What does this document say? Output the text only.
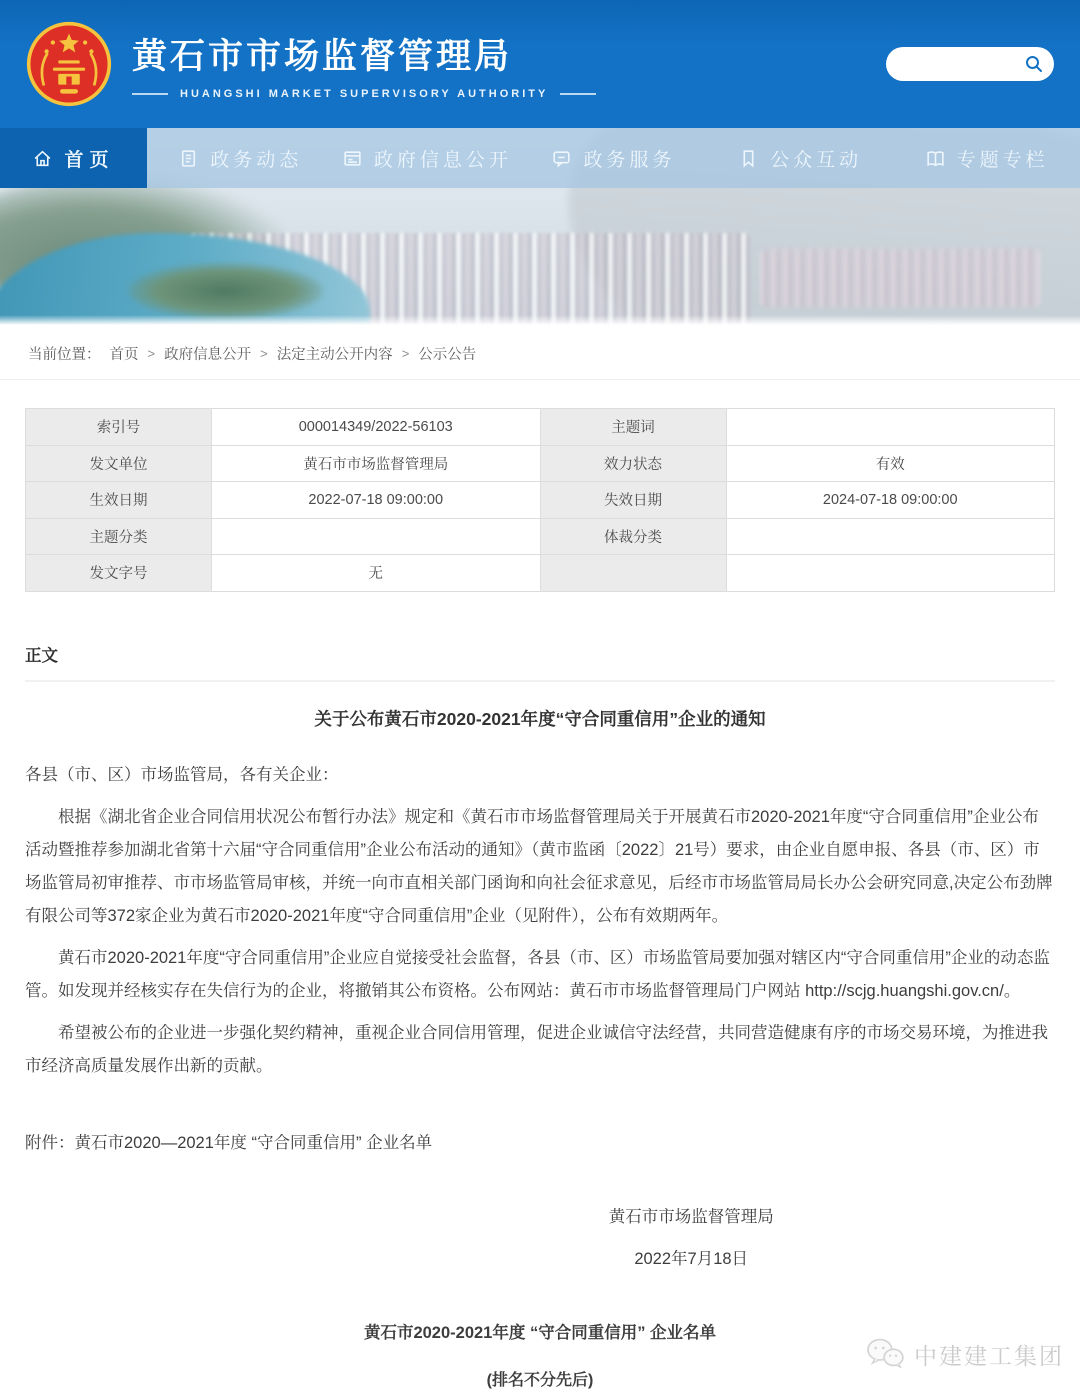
黄石市市场监督管理局
HUANGSHI MARKET SUPERVISORY AUTHORITY
首页	政务动态	政府信息公开	政务服务	公众互动	专题专栏
当前位置： 首页 > 政府信息公开 > 法定主动公开内容 > 公示公告
索引号	000014349/2022-56103	主题词	
发文单位	黄石市市场监督管理局	效力状态	有效
生效日期	2022-07-18 09:00:00	失效日期	2024-07-18 09:00:00
主题分类		体裁分类	
发文字号	无		
正文
关于公布黄石市2020-2021年度“守合同重信用”企业的通知

各县（市、区）市场监管局，各有关企业：

根据《湖北省企业合同信用状况公布暂行办法》规定和《黄石市市场监督管理局关于开展黄石市2020-2021年度“守合同重信用”企业公布活动暨推荐参加湖北省第十六届“守合同重信用”企业公布活动的通知》（黄市监函〔2022〕21号）要求，由企业自愿申报、各县（市、区）市场监管局初审推荐、市市场监管局审核，并统一向市直相关部门函询和向社会征求意见，后经市市场监管局局长办公会研究同意,决定公布劲牌有限公司等372家企业为黄石市2020-2021年度“守合同重信用”企业（见附件），公布有效期两年。

黄石市2020-2021年度“守合同重信用”企业应自觉接受社会监督，各县（市、区）市场监管局要加强对辖区内“守合同重信用”企业的动态监管。如发现并经核实存在失信行为的企业，将撤销其公布资格。公布网站：黄石市市场监督管理局门户网站 http://scjg.huangshi.gov.cn/。

希望被公布的企业进一步强化契约精神，重视企业合同信用管理，促进企业诚信守法经营，共同营造健康有序的市场交易环境，为推进我市经济高质量发展作出新的贡献。

附件：黄石市2020—2021年度 “守合同重信用” 企业名单

黄石市市场监督管理局
2022年7月18日
黄石市2020-2021年度 “守合同重信用” 企业名单
(排名不分先后)
中建建工集团
